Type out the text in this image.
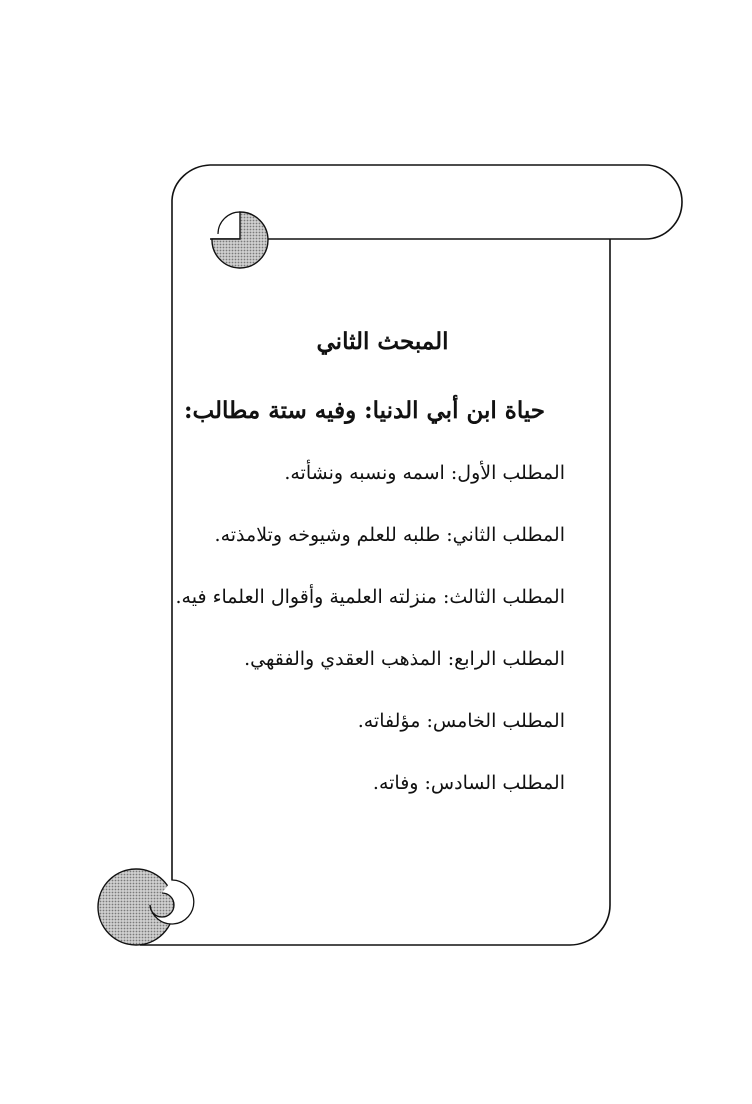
المبحث الثاني
حياة ابن أبي الدنيا: وفيه ستة مطالب:
المطلب الأول: اسمه ونسبه ونشأته.
المطلب الثاني: طلبه للعلم وشيوخه وتلامذته.
المطلب الثالث: منزلته العلمية وأقوال العلماء فيه.
المطلب الرابع: المذهب العقدي والفقهي.
المطلب الخامس: مؤلفاته.
المطلب السادس: وفاته.
